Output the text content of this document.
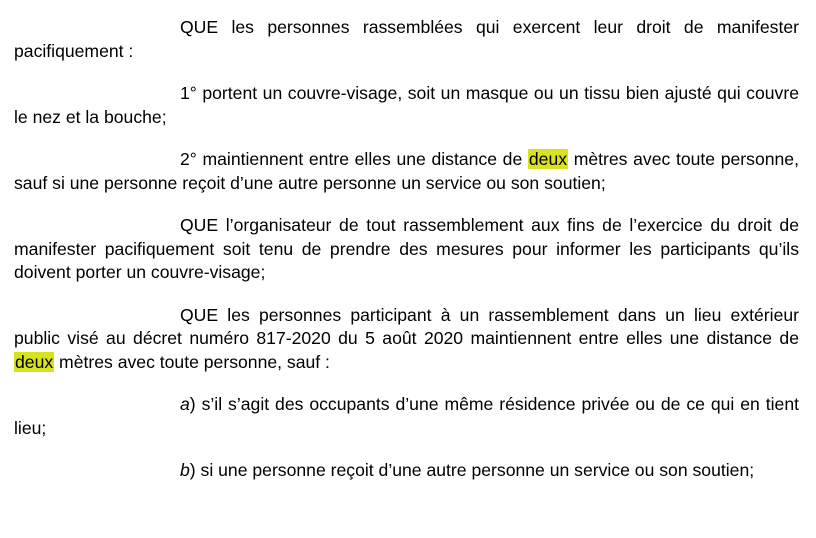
QUE les personnes rassemblées qui exercent leur droit de manifester pacifiquement :

1° portent un couvre-visage, soit un masque ou un tissu bien ajusté qui couvre le nez et la bouche;

2° maintiennent entre elles une distance de deux mètres avec toute personne, sauf si une personne reçoit d’une autre personne un service ou son soutien;

QUE l’organisateur de tout rassemblement aux fins de l’exercice du droit de manifester pacifiquement soit tenu de prendre des mesures pour informer les participants qu’ils doivent porter un couvre-visage;

QUE les personnes participant à un rassemblement dans un lieu extérieur public visé au décret numéro 817-2020 du 5 août 2020 maintiennent entre elles une distance de deux mètres avec toute personne, sauf :

a) s’il s’agit des occupants d’une même résidence privée ou de ce qui en tient lieu;

b) si une personne reçoit d’une autre personne un service ou son soutien;
